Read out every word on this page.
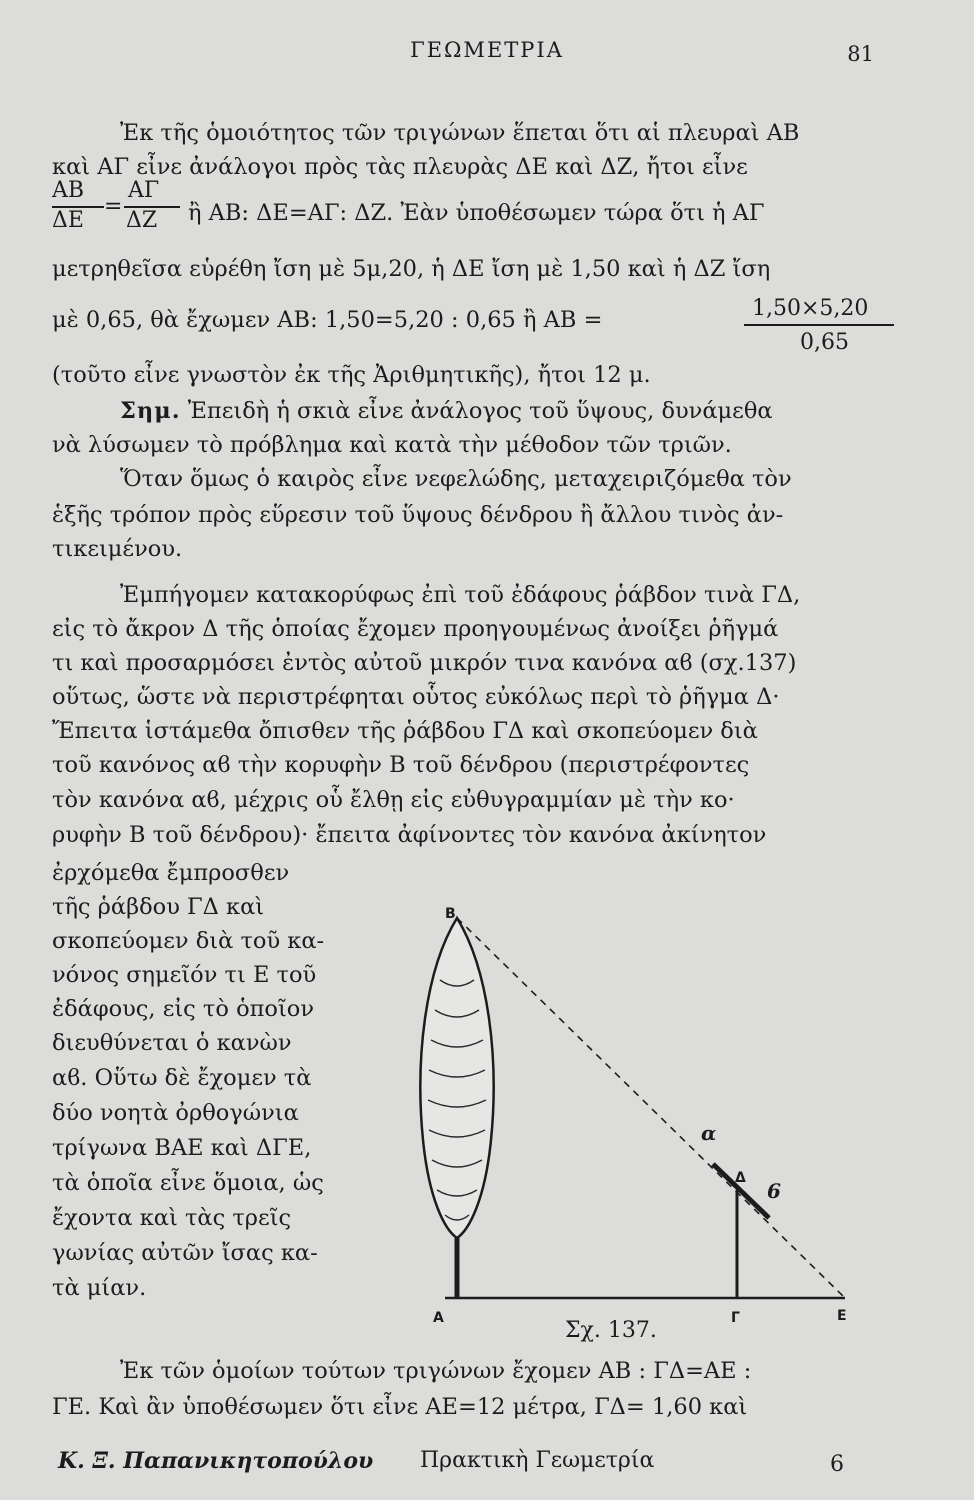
ΓΕΩΜΕΤΡΙΑ	81
Ἐκ τῆς ὁμοιότητος τῶν τριγώνων ἕπεται ὅτι αἱ πλευραὶ ΑΒ
καὶ ΑΓ εἶνε ἀνάλογοι πρὸς τὰς πλευρὰς ΔΕ καὶ ΔΖ, ἤτοι εἶνε
ΑΒ ΑΓ
=
ΔΕ ΔΖ ἢ ΑΒ: ΔΕ=ΑΓ: ΔΖ. Ἐὰν ὑποθέσωμεν τώρα ὅτι ἡ ΑΓ
μετρηθεῖσα εὑρέθη ἴση μὲ 5μ,20, ἡ ΔΕ ἴση μὲ 1,50 καὶ ἡ ΔΖ ἴση
μὲ 0,65, θὰ ἔχωμεν ΑΒ: 1,50=5,20 : 0,65 ἢ ΑΒ =	1,50×5,20
0,65
(τοῦτο εἶνε γνωστὸν ἐκ τῆς Ἀριθμητικῆς), ἤτοι 12 μ.
Σημ. Ἐπειδὴ ἡ σκιὰ εἶνε ἀνάλογος τοῦ ὕψους, δυνάμεθα
νὰ λύσωμεν τὸ πρόβλημα καὶ κατὰ τὴν μέθοδον τῶν τριῶν.
Ὅταν ὅμως ὁ καιρὸς εἶνε νεφελώδης, μεταχειριζόμεθα τὸν
ἑξῆς τρόπον πρὸς εὕρεσιν τοῦ ὕψους δένδρου ἢ ἄλλου τινὸς ἀν-
τικειμένου.
Ἐμπήγομεν κατακορύφως ἐπὶ τοῦ ἐδάφους ῥάβδον τινὰ ΓΔ,
εἰς τὸ ἄκρον Δ τῆς ὁποίας ἔχομεν προηγουμένως ἀνοίξει ῥῆγμά
τι καὶ προσαρμόσει ἐντὸς αὐτοῦ μικρόν τινα κανόνα αϐ (σχ.137)
οὕτως, ὥστε νὰ περιστρέφηται οὗτος εὐκόλως περὶ τὸ ῥῆγμα Δ·
Ἔπειτα ἱστάμεθα ὄπισθεν τῆς ῥάβδου ΓΔ καὶ σκοπεύομεν διὰ
τοῦ κανόνος αϐ τὴν κορυφὴν Β τοῦ δένδρου (περιστρέφοντες
τὸν κανόνα αϐ, μέχρις οὗ ἔλθῃ εἰς εὐθυγραμμίαν μὲ τὴν κο·
ρυφὴν Β τοῦ δένδρου)· ἔπειτα ἀφίνοντες τὸν κανόνα ἀκίνητον
ἐρχόμεθα ἔμπροσθεν
τῆς ῥάβδου ΓΔ καὶ
σκοπεύομεν διὰ τοῦ κα-
νόνος σημεῖόν τι Ε τοῦ
ἐδάφους, εἰς τὸ ὁποῖον
διευθύνεται ὁ κανὼν
αϐ. Οὕτω δὲ ἔχομεν τὰ
δύο νοητὰ ὀρθογώνια
τρίγωνα ΒΑΕ καὶ ΔΓΕ,
τὰ ὁποῖα εἶνε ὅμοια, ὡς
ἔχοντα καὶ τὰς τρεῖς
γωνίας αὐτῶν ἴσας κα-
τὰ μίαν.
B
A	Γ	E
Δ
α
6
Σχ. 137.
Ἐκ τῶν ὁμοίων τούτων τριγώνων ἔχομεν ΑΒ : ΓΔ=ΑΕ :
ΓΕ. Καὶ ἂν ὑποθέσωμεν ὅτι εἶνε ΑΕ=12 μέτρα, ΓΔ= 1,60 καὶ
Κ. Ξ. Παπανικητοπούλου Πρακτικὴ Γεωμετρία	6
